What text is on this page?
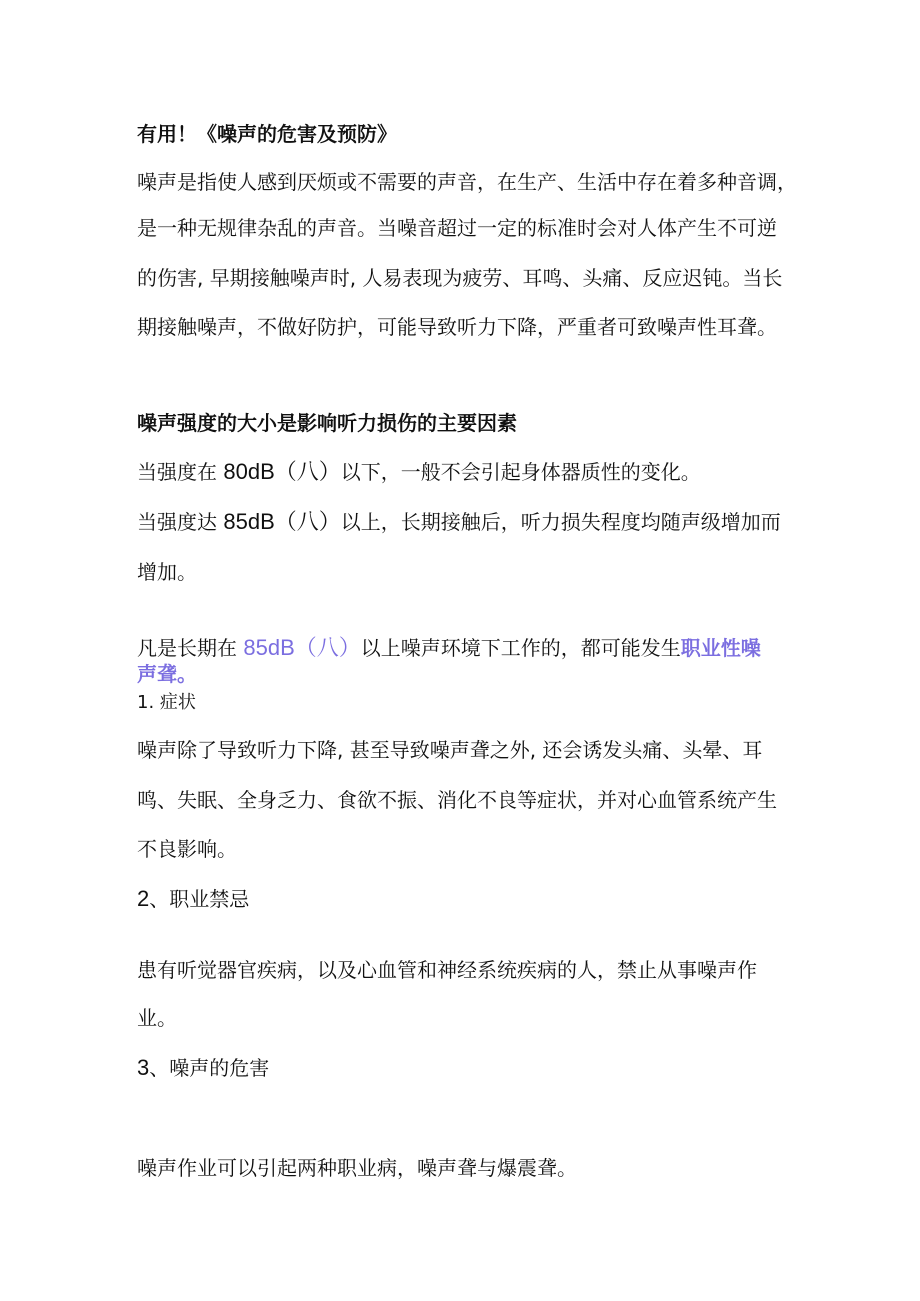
有用！《噪声的危害及预防》

噪声是指使人感到厌烦或不需要的声音，在生产、生活中存在着多种音调，

是一种无规律杂乱的声音。当噪音超过一定的标准时会对人体产生不可逆

的伤害, 早期接触噪声时, 人易表现为疲劳、耳鸣、头痛、反应迟钝。当长

期接触噪声，不做好防护，可能导致听力下降，严重者可致噪声性耳聋。

噪声强度的大小是影响听力损伤的主要因素

当强度在 80dB（八）以下，一般不会引起身体器质性的变化。

当强度达 85dB（八）以上，长期接触后，听力损失程度均随声级增加而

增加。

凡是长期在 85dB（八）以上噪声环境下工作的，都可能发生职业性噪

声聋。

1. 症状

噪声除了导致听力下降, 甚至导致噪声聋之外, 还会诱发头痛、头晕、耳

鸣、失眠、全身乏力、食欲不振、消化不良等症状，并对心血管系统产生

不良影响。

2、职业禁忌

患有听觉器官疾病，以及心血管和神经系统疾病的人，禁止从事噪声作

业。

3、噪声的危害

噪声作业可以引起两种职业病，噪声聋与爆震聋。
